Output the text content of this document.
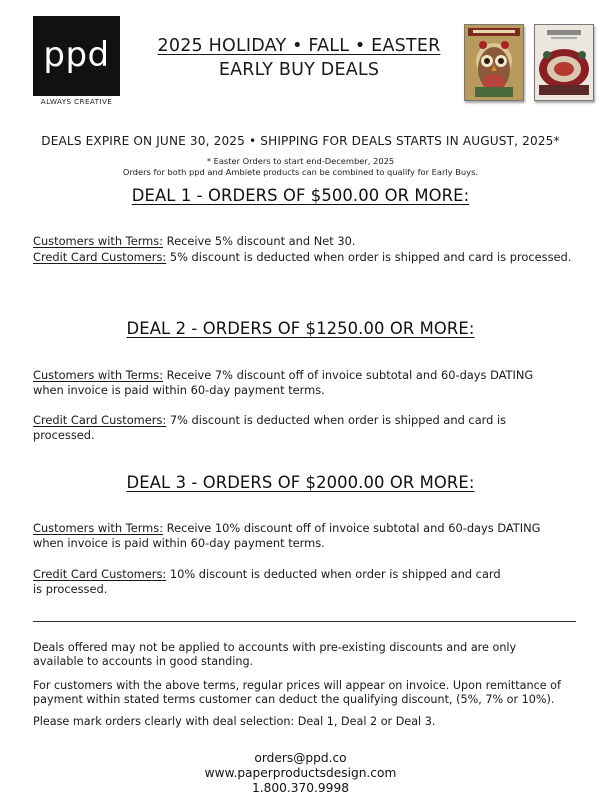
ppd
ALWAYS CREATIVE
2025 HOLIDAY • FALL • EASTER
EARLY BUY DEALS
DEALS EXPIRE ON JUNE 30, 2025 • SHIPPING FOR DEALS STARTS IN AUGUST, 2025*
* Easter Orders to start end-December, 2025
Orders for both ppd and Ambiete products can be combined to qualify for Early Buys.
DEAL 1 - ORDERS OF $500.00 OR MORE:
Customers with Terms: Receive 5% discount and Net 30.
Credit Card Customers: 5% discount is deducted when order is shipped and card is processed.
DEAL 2 - ORDERS OF $1250.00 OR MORE:
Customers with Terms: Receive 7% discount off of invoice subtotal and 60-days DATING when invoice is paid within 60-day payment terms.
Credit Card Customers: 7% discount is deducted when order is shipped and card is processed.
DEAL 3 - ORDERS OF $2000.00 OR MORE:
Customers with Terms: Receive 10% discount off of invoice subtotal and 60-days DATING when invoice is paid within 60-day payment terms.
Credit Card Customers: 10% discount is deducted when order is shipped and card is processed.
Deals offered may not be applied to accounts with pre-existing discounts and are only available to accounts in good standing.
For customers with the above terms, regular prices will appear on invoice. Upon remittance of payment within stated terms customer can deduct the qualifying discount, (5%, 7% or 10%).
Please mark orders clearly with deal selection: Deal 1, Deal 2 or Deal 3.
orders@ppd.co
www.paperproductsdesign.com
1.800.370.9998
